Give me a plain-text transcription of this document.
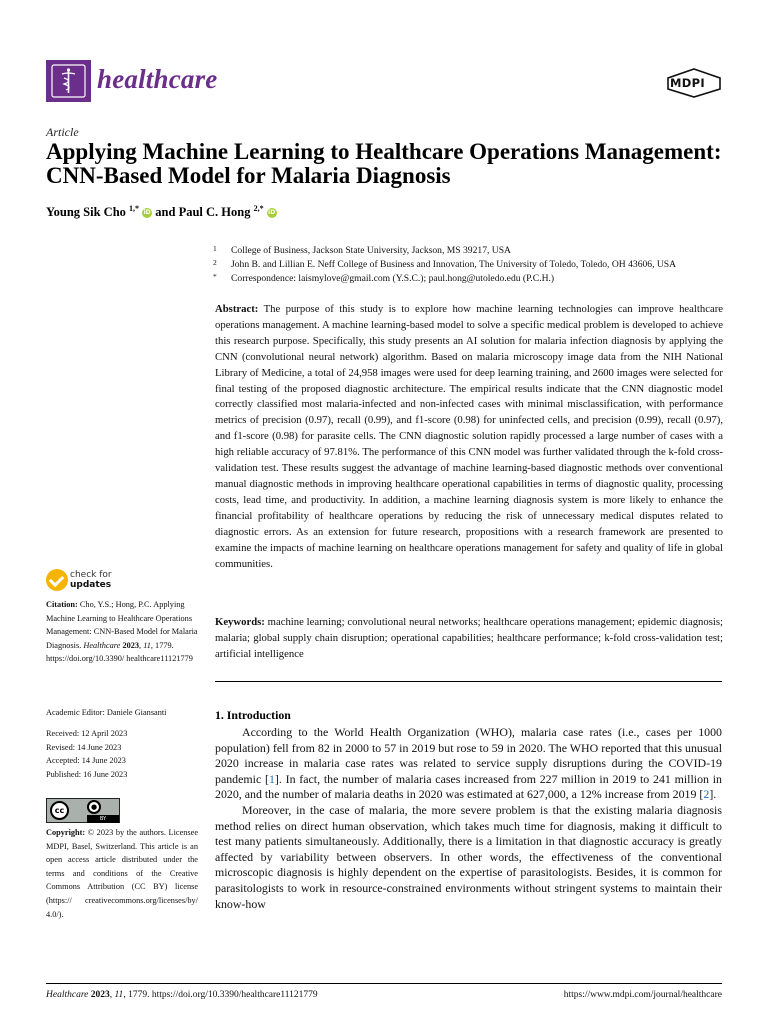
healthcare	MDPI
Article
Applying Machine Learning to Healthcare Operations Management: CNN-Based Model for Malaria Diagnosis
Young Sik Cho $^{1,*}$ iD and Paul C. Hong $^{2,*}$ iD
1 College of Business, Jackson State University, Jackson, MS 39217, USA
2 John B. and Lillian E. Neff College of Business and Innovation, The University of Toledo, Toledo, OH 43606, USA
* Correspondence: laismylove@gmail.com (Y.S.C.); paul.hong@utoledo.edu (P.C.H.)
Abstract: The purpose of this study is to explore how machine learning technologies can improve healthcare operations management. A machine learning-based model to solve a specific medical problem is developed to achieve this research purpose. Specifically, this study presents an AI solution for malaria infection diagnosis by applying the CNN (convolutional neural network) algorithm. Based on malaria microscopy image data from the NIH National Library of Medicine, a total of 24,958 images were used for deep learning training, and 2600 images were selected for final testing of the proposed diagnostic architecture. The empirical results indicate that the CNN diagnostic model correctly classified most malaria-infected and non-infected cases with minimal misclassification, with performance metrics of precision (0.97), recall (0.99), and f1-score (0.98) for uninfected cells, and precision (0.99), recall (0.97), and f1-score (0.98) for parasite cells. The CNN diagnostic solution rapidly processed a large number of cases with a high reliable accuracy of 97.81%. The performance of this CNN model was further validated through the k-fold cross-validation test. These results suggest the advantage of machine learning-based diagnostic methods over conventional manual diagnostic methods in improving healthcare operational capabilities in terms of diagnostic quality, processing costs, lead time, and productivity. In addition, a machine learning diagnosis system is more likely to enhance the financial profitability of healthcare operations by reducing the risk of unnecessary medical disputes related to diagnostic errors. As an extension for future research, propositions with a research framework are presented to examine the impacts of machine learning on healthcare operations management for safety and quality of life in global communities.
Keywords: machine learning; convolutional neural networks; healthcare operations management; epidemic diagnosis; malaria; global supply chain disruption; operational capabilities; healthcare performance; k-fold cross-validation test; artificial intelligence
check for
updates
Citation: Cho, Y.S.; Hong, P.C. Applying Machine Learning to Healthcare Operations Management: CNN-Based Model for Malaria Diagnosis. Healthcare 2023, 11, 1779. https://doi.org/10.3390/ healthcare11121779
Academic Editor: Daniele Giansanti
Received: 12 April 2023
Revised: 14 June 2023
Accepted: 14 June 2023
Published: 16 June 2023
cc	●
BY
Copyright: © 2023 by the authors. Licensee MDPI, Basel, Switzerland. This article is an open access article distributed under the terms and conditions of the Creative Commons Attribution (CC BY) license (https:// creativecommons.org/licenses/by/ 4.0/).
1. Introduction

According to the World Health Organization (WHO), malaria case rates (i.e., cases per 1000 population) fell from 82 in 2000 to 57 in 2019 but rose to 59 in 2020. The WHO reported that this unusual 2020 increase in malaria case rates was related to service supply disruptions during the COVID-19 pandemic [1]. In fact, the number of malaria cases increased from 227 million in 2019 to 241 million in 2020, and the number of malaria deaths in 2020 was estimated at 627,000, a 12% increase from 2019 [2].

Moreover, in the case of malaria, the more severe problem is that the existing malaria diagnosis method relies on direct human observation, which takes much time for diagnosis, making it difficult to test many patients simultaneously. Additionally, there is a limitation in that diagnostic accuracy is greatly affected by variability between observers. In other words, the effectiveness of the conventional microscopic diagnosis is highly dependent on the expertise of parasitologists. Besides, it is common for parasitologists to work in resource-constrained environments without stringent systems to maintain their know-how

Healthcare 2023, 11, 1779. https://doi.org/10.3390/healthcare11121779	https://www.mdpi.com/journal/healthcare
